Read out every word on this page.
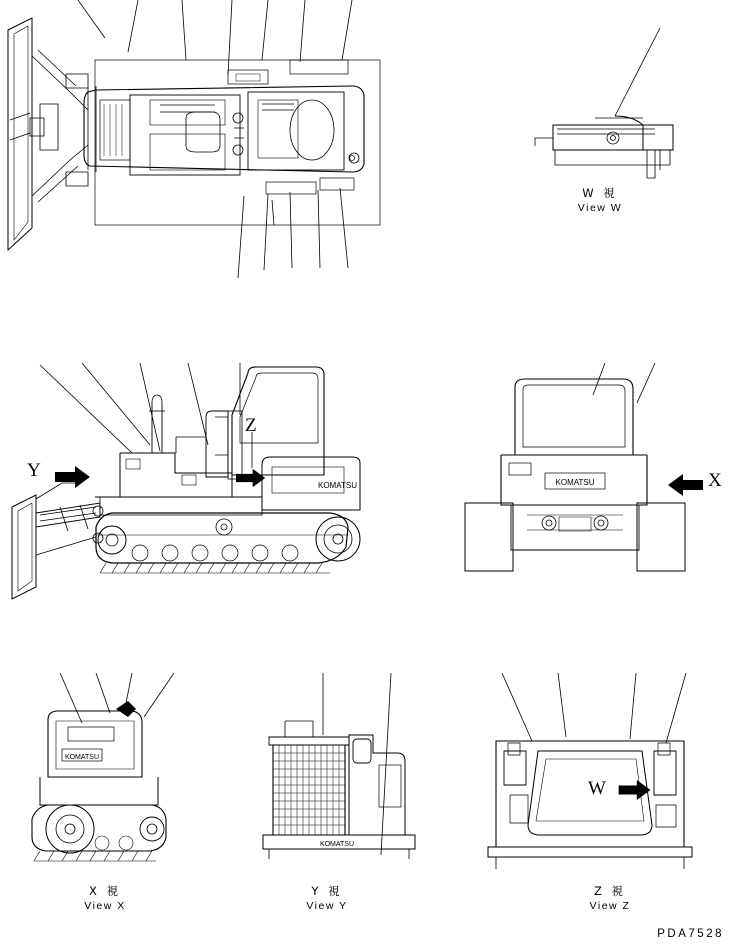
W 視
View W
KOMATSU
Y
Z
KOMATSU	X
KOMATSU
X 視
View X
KOMATSU
Y 視
View Y
W
Z 視
View Z
PDA7528
